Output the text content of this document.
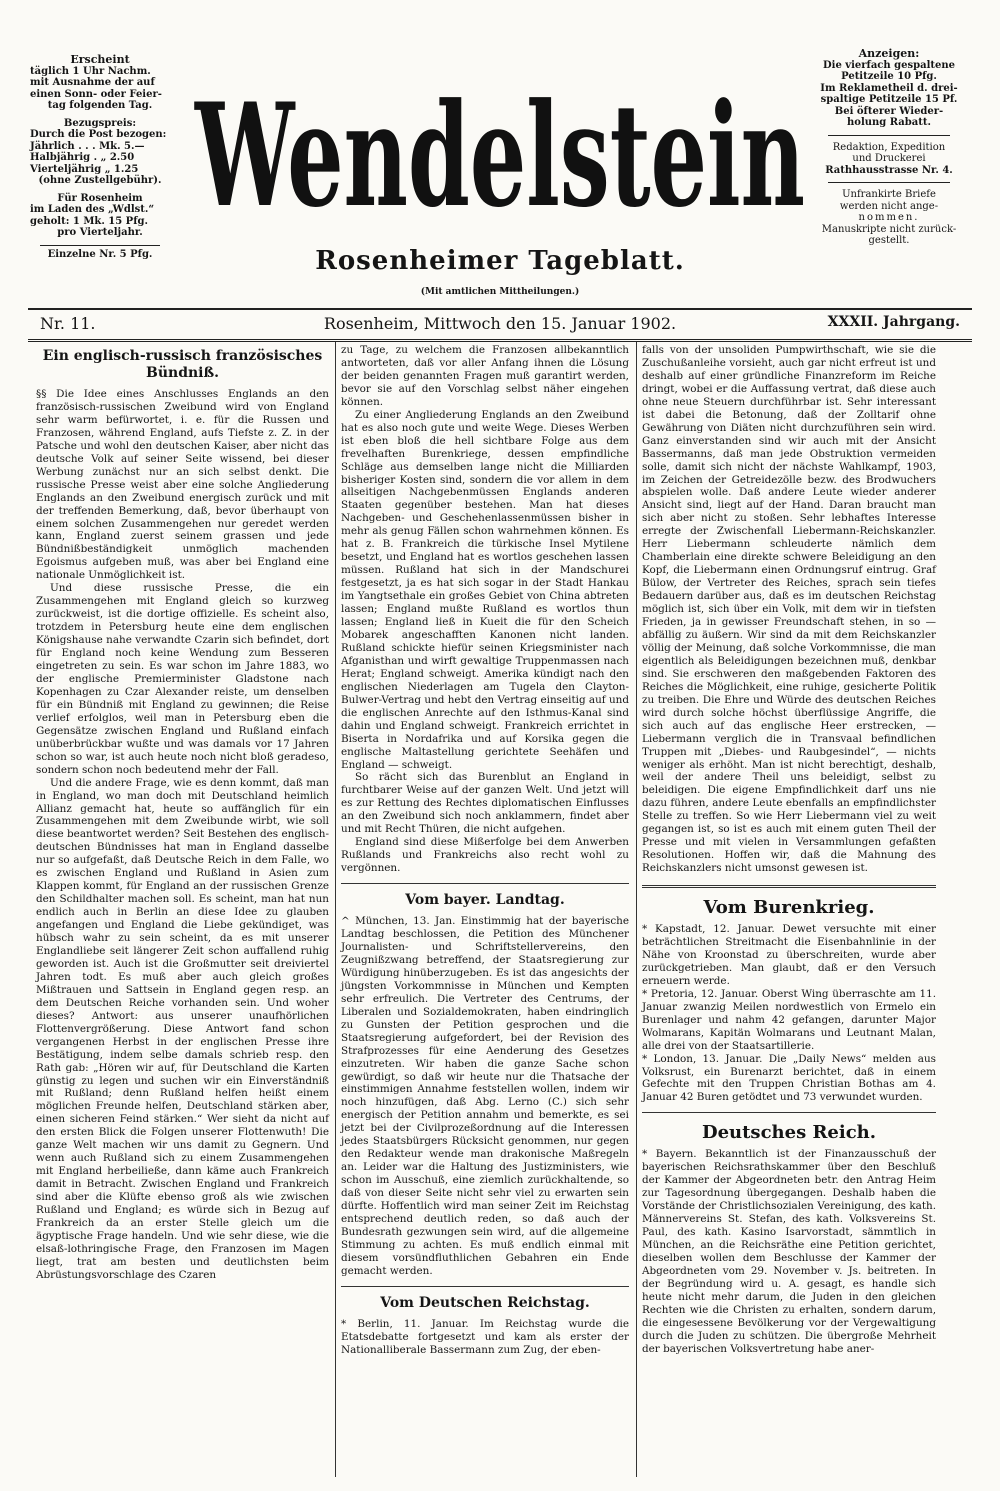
Erscheint

täglich 1 Uhr Nachm.

mit Ausnahme der auf

einen Sonn- oder Feier-

tag folgenden Tag.

Bezugspreis:

Durch die Post bezogen:

Jährlich . . . Mk. 5.—

Halbjährig . „ 2.50

Vierteljährig „ 1.25

(ohne Zustellgebühr).

Für Rosenheim

im Laden des „Wdlst.“

geholt: 1 Mk. 15 Pfg.

pro Vierteljahr.

Einzelne Nr. 5 Pfg.

Wendelstein
Rosenheimer Tageblatt.
(Mit amtlichen Mittheilungen.)

Anzeigen:

Die vierfach gespaltene

Petitzeile 10 Pfg.

Im Reklametheil d. drei-

spaltige Petitzeile 15 Pf.

Bei öfterer Wieder-

holung Rabatt.

Redaktion, Expedition

und Druckerei

Rathhausstrasse Nr. 4.

Unfrankirte Briefe

werden nicht ange-

nommen.

Manuskripte nicht zurück-

gestellt.

Nr. 11.	Rosenheim, Mittwoch den 15. Januar 1902.	XXXII. Jahrgang.
Ein englisch-russisch französisches Bündniß.

§§ Die Idee eines Anschlusses Englands an den französisch-russischen Zweibund wird von England sehr warm befürwortet, i. e. für die Russen und Franzosen, während England, aufs Tiefste z. Z. in der Patsche und wohl den deutschen Kaiser, aber nicht das deutsche Volk auf seiner Seite wissend, bei dieser Werbung zunächst nur an sich selbst denkt. Die russische Presse weist aber eine solche Angliederung Englands an den Zweibund energisch zurück und mit der treffenden Bemerkung, daß, bevor überhaupt von einem solchen Zusammengehen nur geredet werden kann, England zuerst seinem grassen und jede Bündnißbeständigkeit unmöglich machenden Egoismus aufgeben muß, was aber bei England eine nationale Unmöglichkeit ist.

Und diese russische Presse, die ein Zusammengehen mit England gleich so kurzweg zurückweist, ist die dortige offizielle. Es scheint also, trotzdem in Petersburg heute eine dem englischen Königshause nahe verwandte Czarin sich befindet, dort für England noch keine Wendung zum Besseren eingetreten zu sein. Es war schon im Jahre 1883, wo der englische Premierminister Gladstone nach Kopenhagen zu Czar Alexander reiste, um denselben für ein Bündniß mit England zu gewinnen; die Reise verlief erfolglos, weil man in Petersburg eben die Gegensätze zwischen England und Rußland einfach unüberbrückbar wußte und was damals vor 17 Jahren schon so war, ist auch heute noch nicht bloß geradeso, sondern schon noch bedeutend mehr der Fall.

Und die andere Frage, wie es denn kommt, daß man in England, wo man doch mit Deutschland heimlich Allianz gemacht hat, heute so auffänglich für ein Zusammengehen mit dem Zweibunde wirbt, wie soll diese beantwortet werden? Seit Bestehen des englisch-deutschen Bündnisses hat man in England dasselbe nur so aufgefaßt, daß Deutsche Reich in dem Falle, wo es zwischen England und Rußland in Asien zum Klappen kommt, für England an der russischen Grenze den Schildhalter machen soll. Es scheint, man hat nun endlich auch in Berlin an diese Idee zu glauben angefangen und England die Liebe gekündiget, was hübsch wahr zu sein scheint, da es mit unserer Englandliebe seit längerer Zeit schon auffallend ruhig geworden ist. Auch ist die Großmutter seit dreiviertel Jahren todt. Es muß aber auch gleich großes Mißtrauen und Sattsein in England gegen resp. an dem Deutschen Reiche vorhanden sein. Und woher dieses? Antwort: aus unserer unaufhörlichen Flottenvergrößerung. Diese Antwort fand schon vergangenen Herbst in der englischen Presse ihre Bestätigung, indem selbe damals schrieb resp. den Rath gab: „Hören wir auf, für Deutschland die Karten günstig zu legen und suchen wir ein Einverständniß mit Rußland; denn Rußland helfen heißt einem möglichen Freunde helfen, Deutschland stärken aber, einen sicheren Feind stärken.“ Wer sieht da nicht auf den ersten Blick die Folgen unserer Flottenwuth! Die ganze Welt machen wir uns damit zu Gegnern. Und wenn auch Rußland sich zu einem Zusammengehen mit England herbeiließe, dann käme auch Frankreich damit in Betracht. Zwischen England und Frankreich sind aber die Klüfte ebenso groß als wie zwischen Rußland und England; es würde sich in Bezug auf Frankreich da an erster Stelle gleich um die ägyptische Frage handeln. Und wie sehr diese, wie die elsaß-lothringische Frage, den Franzosen im Magen liegt, trat am besten und deutlichsten beim Abrüstungsvorschlage des Czaren

zu Tage, zu welchem die Franzosen allbekanntlich antworteten, daß vor aller Anfang ihnen die Lösung der beiden genannten Fragen muß garantirt werden, bevor sie auf den Vorschlag selbst näher eingehen können.

Zu einer Angliederung Englands an den Zweibund hat es also noch gute und weite Wege. Dieses Werben ist eben bloß die hell sichtbare Folge aus dem frevelhaften Burenkriege, dessen empfindliche Schläge aus demselben lange nicht die Milliarden bisheriger Kosten sind, sondern die vor allem in dem allseitigen Nachgebenmüssen Englands anderen Staaten gegenüber bestehen. Man hat dieses Nachgeben- und Geschehenlassenmüssen bisher in mehr als genug Fällen schon wahrnehmen können. Es hat z. B. Frankreich die türkische Insel Mytilene besetzt, und England hat es wortlos geschehen lassen müssen. Rußland hat sich in der Mandschurei festgesetzt, ja es hat sich sogar in der Stadt Hankau im Yangtsethale ein großes Gebiet von China abtreten lassen; England mußte Rußland es wortlos thun lassen; England ließ in Kueit die für den Scheich Mobarek angeschafften Kanonen nicht landen. Rußland schickte hiefür seinen Kriegsminister nach Afganisthan und wirft gewaltige Truppenmassen nach Herat; England schweigt. Amerika kündigt nach den englischen Niederlagen am Tugela den Clayton-Bulwer-Vertrag und hebt den Vertrag einseitig auf und die englischen Anrechte auf den Isthmus-Kanal sind dahin und England schweigt. Frankreich errichtet in Biserta in Nordafrika und auf Korsika gegen die englische Maltastellung gerichtete Seehäfen und England — schweigt.

So rächt sich das Burenblut an England in furchtbarer Weise auf der ganzen Welt. Und jetzt will es zur Rettung des Rechtes diplomatischen Einflusses an den Zweibund sich noch anklammern, findet aber und mit Recht Thüren, die nicht aufgehen.

England sind diese Mißerfolge bei dem Anwerben Rußlands und Frankreichs also recht wohl zu vergönnen.

Vom bayer. Landtag.

^ München, 13. Jan. Einstimmig hat der bayerische Landtag beschlossen, die Petition des Münchener Journalisten- und Schriftstellervereins, den Zeugnißzwang betreffend, der Staatsregierung zur Würdigung hinüberzugeben. Es ist das angesichts der jüngsten Vorkommnisse in München und Kempten sehr erfreulich. Die Vertreter des Centrums, der Liberalen und Sozialdemokraten, haben eindringlich zu Gunsten der Petition gesprochen und die Staatsregierung aufgefordert, bei der Revision des Strafprozesses für eine Aenderung des Gesetzes einzutreten. Wir haben die ganze Sache schon gewürdigt, so daß wir heute nur die Thatsache der einstimmigen Annahme feststellen wollen, indem wir noch hinzufügen, daß Abg. Lerno (C.) sich sehr energisch der Petition annahm und bemerkte, es sei jetzt bei der Civilprozeßordnung auf die Interessen jedes Staatsbürgers Rücksicht genommen, nur gegen den Redakteur wende man drakonische Maßregeln an. Leider war die Haltung des Justizministers, wie schon im Ausschuß, eine ziemlich zurückhaltende, so daß von dieser Seite nicht sehr viel zu erwarten sein dürfte. Hoffentlich wird man seiner Zeit im Reichstag entsprechend deutlich reden, so daß auch der Bundesrath gezwungen sein wird, auf die allgemeine Stimmung zu achten. Es muß endlich einmal mit diesem vorsündfluthlichen Gebahren ein Ende gemacht werden.

Vom Deutschen Reichstag.

* Berlin, 11. Januar. Im Reichstag wurde die Etatsdebatte fortgesetzt und kam als erster der Nationalliberale Bassermann zum Zug, der eben-

falls von der unsoliden Pumpwirthschaft, wie sie die Zuschußanleihe vorsieht, auch gar nicht erfreut ist und deshalb auf einer gründliche Finanzreform im Reiche dringt, wobei er die Auffassung vertrat, daß diese auch ohne neue Steuern durchführbar ist. Sehr interessant ist dabei die Betonung, daß der Zolltarif ohne Gewährung von Diäten nicht durchzuführen sein wird. Ganz einverstanden sind wir auch mit der Ansicht Bassermanns, daß man jede Obstruktion vermeiden solle, damit sich nicht der nächste Wahlkampf, 1903, im Zeichen der Getreidezölle bezw. des Brodwuchers abspielen wolle. Daß andere Leute wieder anderer Ansicht sind, liegt auf der Hand. Daran braucht man sich aber nicht zu stoßen. Sehr lebhaftes Interesse erregte der Zwischenfall Liebermann-Reichskanzler. Herr Liebermann schleuderte nämlich dem Chamberlain eine direkte schwere Beleidigung an den Kopf, die Liebermann einen Ordnungsruf eintrug. Graf Bülow, der Vertreter des Reiches, sprach sein tiefes Bedauern darüber aus, daß es im deutschen Reichstag möglich ist, sich über ein Volk, mit dem wir in tiefsten Frieden, ja in gewisser Freundschaft stehen, in so — abfällig zu äußern. Wir sind da mit dem Reichskanzler völlig der Meinung, daß solche Vorkommnisse, die man eigentlich als Beleidigungen bezeichnen muß, denkbar sind. Sie erschweren den maßgebenden Faktoren des Reiches die Möglichkeit, eine ruhige, gesicherte Politik zu treiben. Die Ehre und Würde des deutschen Reiches wird durch solche höchst überflüssige Angriffe, die sich auch auf das englische Heer erstrecken, — Liebermann verglich die in Transvaal befindlichen Truppen mit „Diebes- und Raubgesindel“, — nichts weniger als erhöht. Man ist nicht berechtigt, deshalb, weil der andere Theil uns beleidigt, selbst zu beleidigen. Die eigene Empfindlichkeit darf uns nie dazu führen, andere Leute ebenfalls an empfindlichster Stelle zu treffen. So wie Herr Liebermann viel zu weit gegangen ist, so ist es auch mit einem guten Theil der Presse und mit vielen in Versammlungen gefaßten Resolutionen. Hoffen wir, daß die Mahnung des Reichskanzlers nicht umsonst gewesen ist.

Vom Burenkrieg.

* Kapstadt, 12. Januar. Dewet versuchte mit einer beträchtlichen Streitmacht die Eisenbahnlinie in der Nähe von Kroonstad zu überschreiten, wurde aber zurückgetrieben. Man glaubt, daß er den Versuch erneuern werde.

* Pretoria, 12. Januar. Oberst Wing überraschte am 11. Januar zwanzig Meilen nordwestlich von Ermelo ein Burenlager und nahm 42 gefangen, darunter Major Wolmarans, Kapitän Wolmarans und Leutnant Malan, alle drei von der Staatsartillerie.

* London, 13. Januar. Die „Daily News“ melden aus Volksrust, ein Burenarzt berichtet, daß in einem Gefechte mit den Truppen Christian Bothas am 4. Januar 42 Buren getödtet und 73 verwundet wurden.

Deutsches Reich.

* Bayern. Bekanntlich ist der Finanzausschuß der bayerischen Reichsrathskammer über den Beschluß der Kammer der Abgeordneten betr. den Antrag Heim zur Tagesordnung übergegangen. Deshalb haben die Vorstände der Christlichsozialen Vereinigung, des kath. Männervereins St. Stefan, des kath. Volksvereins St. Paul, des kath. Kasino Isarvorstadt, sämmtlich in München, an die Reichsräthe eine Petition gerichtet, dieselben wollen dem Beschlusse der Kammer der Abgeordneten vom 29. November v. Js. beitreten. In der Begründung wird u. A. gesagt, es handle sich heute nicht mehr darum, die Juden in den gleichen Rechten wie die Christen zu erhalten, sondern darum, die eingesessene Bevölkerung vor der Vergewaltigung durch die Juden zu schützen. Die übergroße Mehrheit der bayerischen Volksvertretung habe aner-
